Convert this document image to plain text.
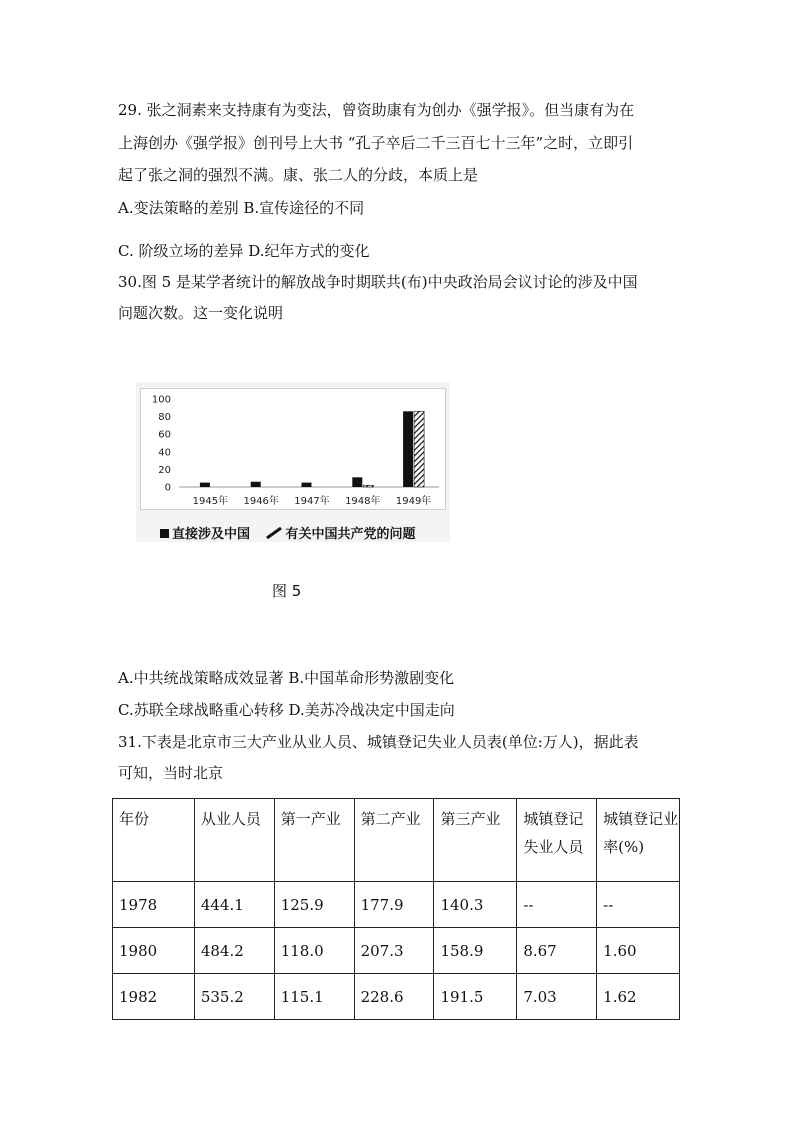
29. 张之洞素来支持康有为变法，曾资助康有为创办《强学报》。但当康有为在
上海创办《强学报》创刊号上大书 “孔子卒后二千三百七十三年”之时，立即引
起了张之洞的强烈不满。康、张二人的分歧，本质上是
A.变法策略的差别 B.宣传途径的不同
C. 阶级立场的差异 D.纪年方式的变化
30.图 5 是某学者统计的解放战争时期联共(布)中央政治局会议讨论的涉及中国
问题次数。这一变化说明
0
20
40
60
80
100
1945年 1946年 1947年 1948年 1949年
直接涉及中国	有关中国共产党的问题
图 5
A.中共统战策略成效显著 B.中国革命形势激剧变化
C.苏联全球战略重心转移 D.美苏冷战决定中国走向
31.下表是北京市三大产业从业人员、城镇登记失业人员表(单位:万人)，据此表
可知，当时北京
年份	从业人员	第一产业	第二产业	第三产业	城镇登记失业人员	城镇登记业率(%)
1978	444.1	125.9	177.9	140.3	--	--
1980	484.2	118.0	207.3	158.9	8.67	1.60
1982	535.2	115.1	228.6	191.5	7.03	1.62
